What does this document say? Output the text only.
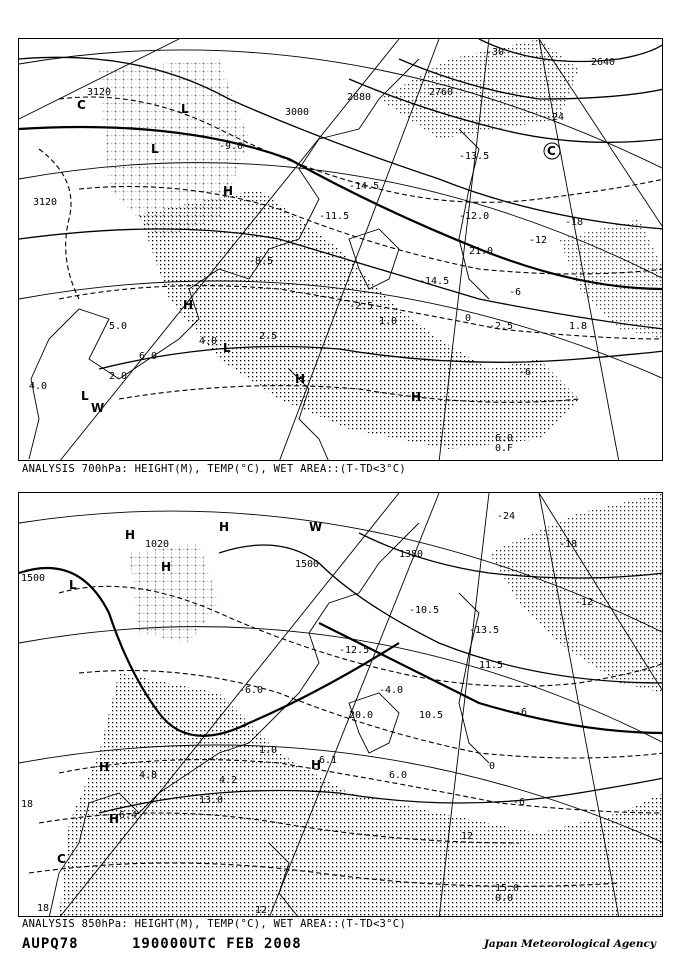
-8.5
-11.5
-14.5
-12.0
21.0
-14.5
-2.5
2.5
4.0
5.0
6.0
1.0	-2.5	1.8
2.0
4.0
-13.5
-9.0
3120
3000
2880	2760
2640
3120
-30
-24
-18
-12
-6
0
-6
L
L
H
H
L
L
H
H
C
C
W
6.0
0.F
ANALYSIS 700hPa: HEIGHT(M), TEMP(°C), WET AREA::(T-TD<3°C)
-6.0
-12.5
-10.5
-13.5
11.5
-4.0
20.0
1.0
4.2
4.8
6.4
6.1
10.5
6.0
13.0
1500
1020
1500
1380
-24
-18
-12
-6
0
-6
12
18
18	12
L
H
H
H	W
H
H
H
C
15.0
0.0
ANALYSIS 850hPa: HEIGHT(M), TEMP(°C), WET AREA::(T-TD<3°C)
AUPQ78	190000UTC FEB 2008	Japan Meteorological Agency
